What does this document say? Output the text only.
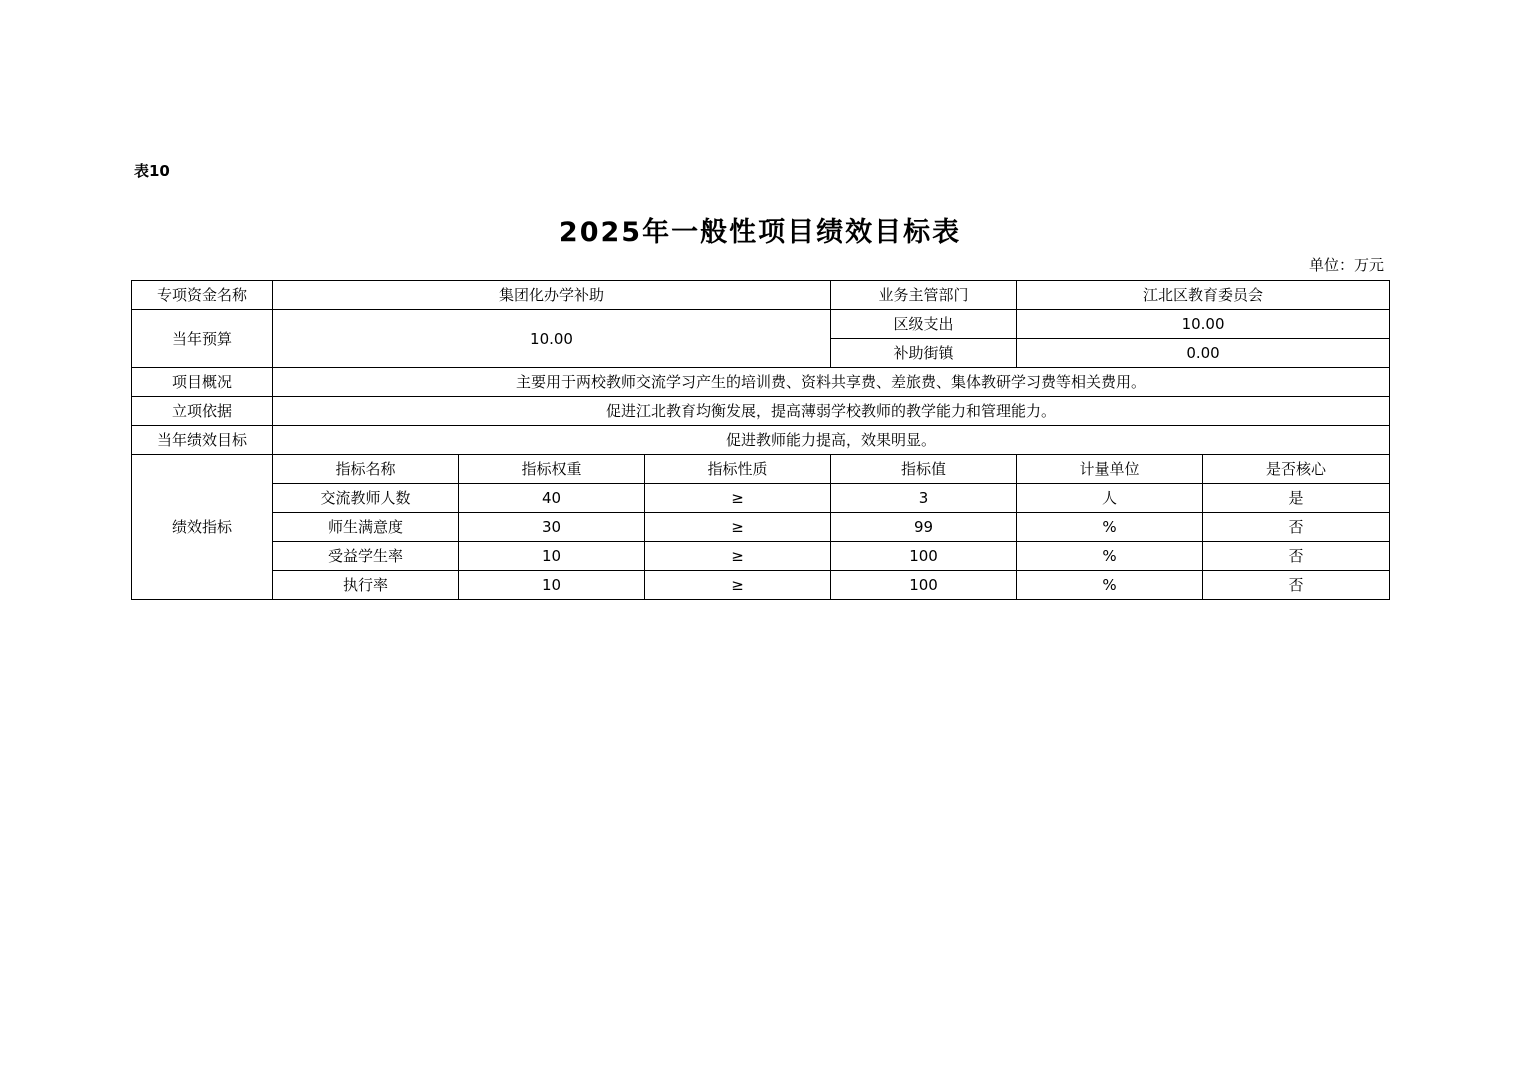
表10
2025年一般性项目绩效目标表
单位：万元
专项资金名称	集团化办学补助			业务主管部门	江北区教育委员会	
当年预算	10.00			区级支出	10.00	
				补助街镇	0.00	
项目概况	主要用于两校教师交流学习产生的培训费、资料共享费、差旅费、集体教研学习费等相关费用。					
立项依据	促进江北教育均衡发展，提高薄弱学校教师的教学能力和管理能力。					
当年绩效目标	促进教师能力提高，效果明显。					
绩效指标	指标名称	指标权重	指标性质	指标值	计量单位	是否核心
	交流教师人数	40	≥	3	人	是
	师生满意度	30	≥	99	%	否
	受益学生率	10	≥	100	%	否
	执行率	10	≥	100	%	否
